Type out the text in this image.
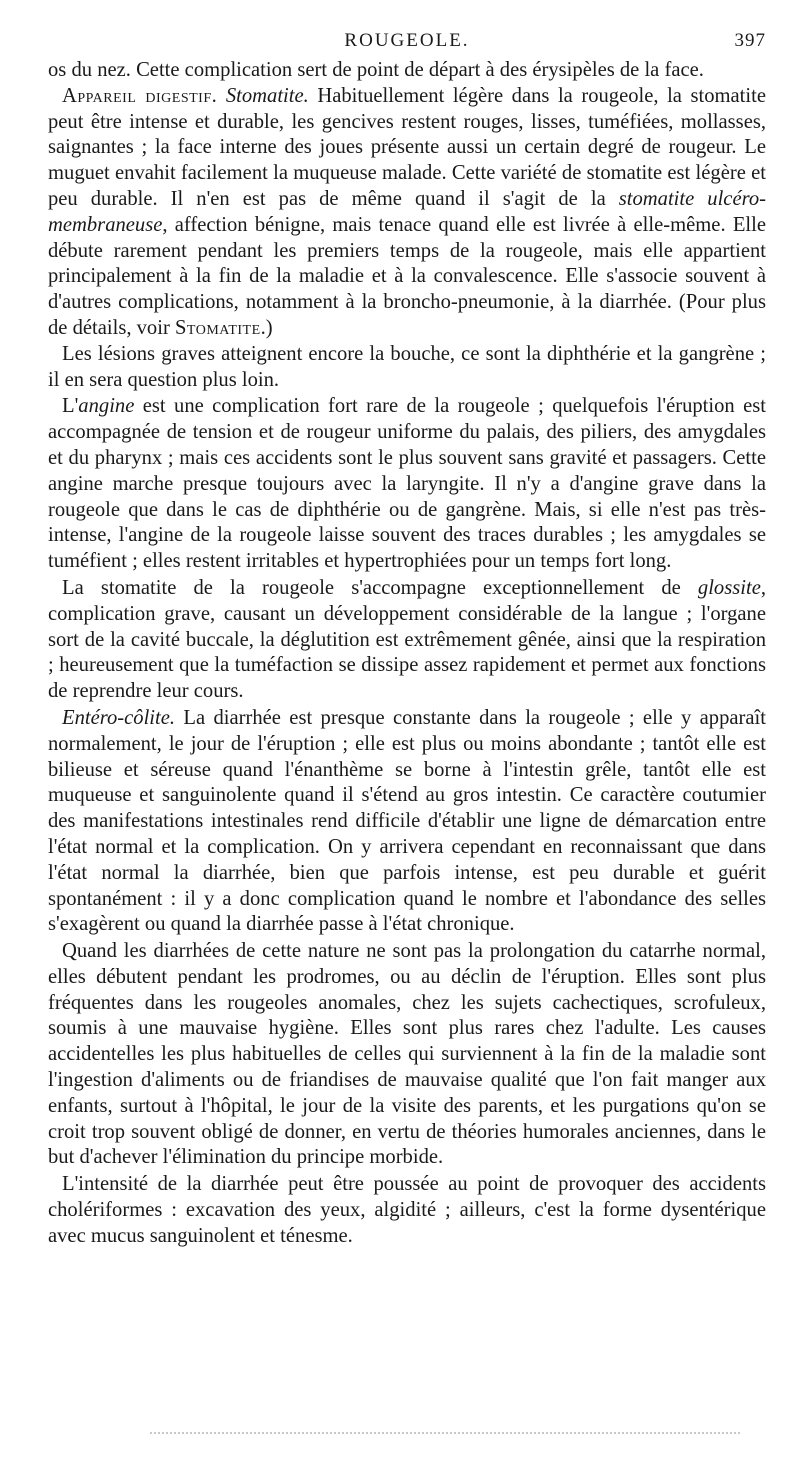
ROUGEOLE.	397

os du nez. Cette complication sert de point de départ à des érysipèles de la face.

Appareil digestif. Stomatite. Habituellement légère dans la rougeole, la stomatite peut être intense et durable, les gencives restent rouges, lisses, tuméfiées, mollasses, saignantes ; la face interne des joues présente aussi un certain degré de rougeur. Le muguet envahit facilement la muqueuse malade. Cette variété de stomatite est légère et peu durable. Il n'en est pas de même quand il s'agit de la stomatite ulcéro-membraneuse, affection bénigne, mais tenace quand elle est livrée à elle-même. Elle débute rarement pendant les premiers temps de la rougeole, mais elle appartient principalement à la fin de la maladie et à la convalescence. Elle s'associe souvent à d'autres complications, notamment à la broncho-pneumonie, à la diarrhée. (Pour plus de détails, voir Stomatite.)

Les lésions graves atteignent encore la bouche, ce sont la diphthérie et la gangrène ; il en sera question plus loin.

L'angine est une complication fort rare de la rougeole ; quelquefois l'éruption est accompagnée de tension et de rougeur uniforme du palais, des piliers, des amygdales et du pharynx ; mais ces accidents sont le plus souvent sans gravité et passagers. Cette angine marche presque toujours avec la laryngite. Il n'y a d'angine grave dans la rougeole que dans le cas de diphthérie ou de gangrène. Mais, si elle n'est pas très-intense, l'angine de la rougeole laisse souvent des traces durables ; les amygdales se tuméfient ; elles restent irritables et hypertrophiées pour un temps fort long.

La stomatite de la rougeole s'accompagne exceptionnellement de glossite, complication grave, causant un développement considérable de la langue ; l'organe sort de la cavité buccale, la déglutition est extrêmement gênée, ainsi que la respiration ; heureusement que la tuméfaction se dissipe assez rapidement et permet aux fonctions de reprendre leur cours.

Entéro-côlite. La diarrhée est presque constante dans la rougeole ; elle y apparaît normalement, le jour de l'éruption ; elle est plus ou moins abondante ; tantôt elle est bilieuse et séreuse quand l'énanthème se borne à l'intestin grêle, tantôt elle est muqueuse et sanguinolente quand il s'étend au gros intestin. Ce caractère coutumier des manifestations intestinales rend difficile d'établir une ligne de démarcation entre l'état normal et la complication. On y arrivera cependant en reconnaissant que dans l'état normal la diarrhée, bien que parfois intense, est peu durable et guérit spontanément : il y a donc complication quand le nombre et l'abondance des selles s'exagèrent ou quand la diarrhée passe à l'état chronique.

Quand les diarrhées de cette nature ne sont pas la prolongation du catarrhe normal, elles débutent pendant les prodromes, ou au déclin de l'éruption. Elles sont plus fréquentes dans les rougeoles anomales, chez les sujets cachectiques, scrofuleux, soumis à une mauvaise hygiène. Elles sont plus rares chez l'adulte. Les causes accidentelles les plus habituelles de celles qui surviennent à la fin de la maladie sont l'ingestion d'aliments ou de friandises de mauvaise qualité que l'on fait manger aux enfants, surtout à l'hôpital, le jour de la visite des parents, et les purgations qu'on se croit trop souvent obligé de donner, en vertu de théories humorales anciennes, dans le but d'achever l'élimination du principe morbide.

L'intensité de la diarrhée peut être poussée au point de provoquer des accidents cholériformes : excavation des yeux, algidité ; ailleurs, c'est la forme dysentérique avec mucus sanguinolent et ténesme.
